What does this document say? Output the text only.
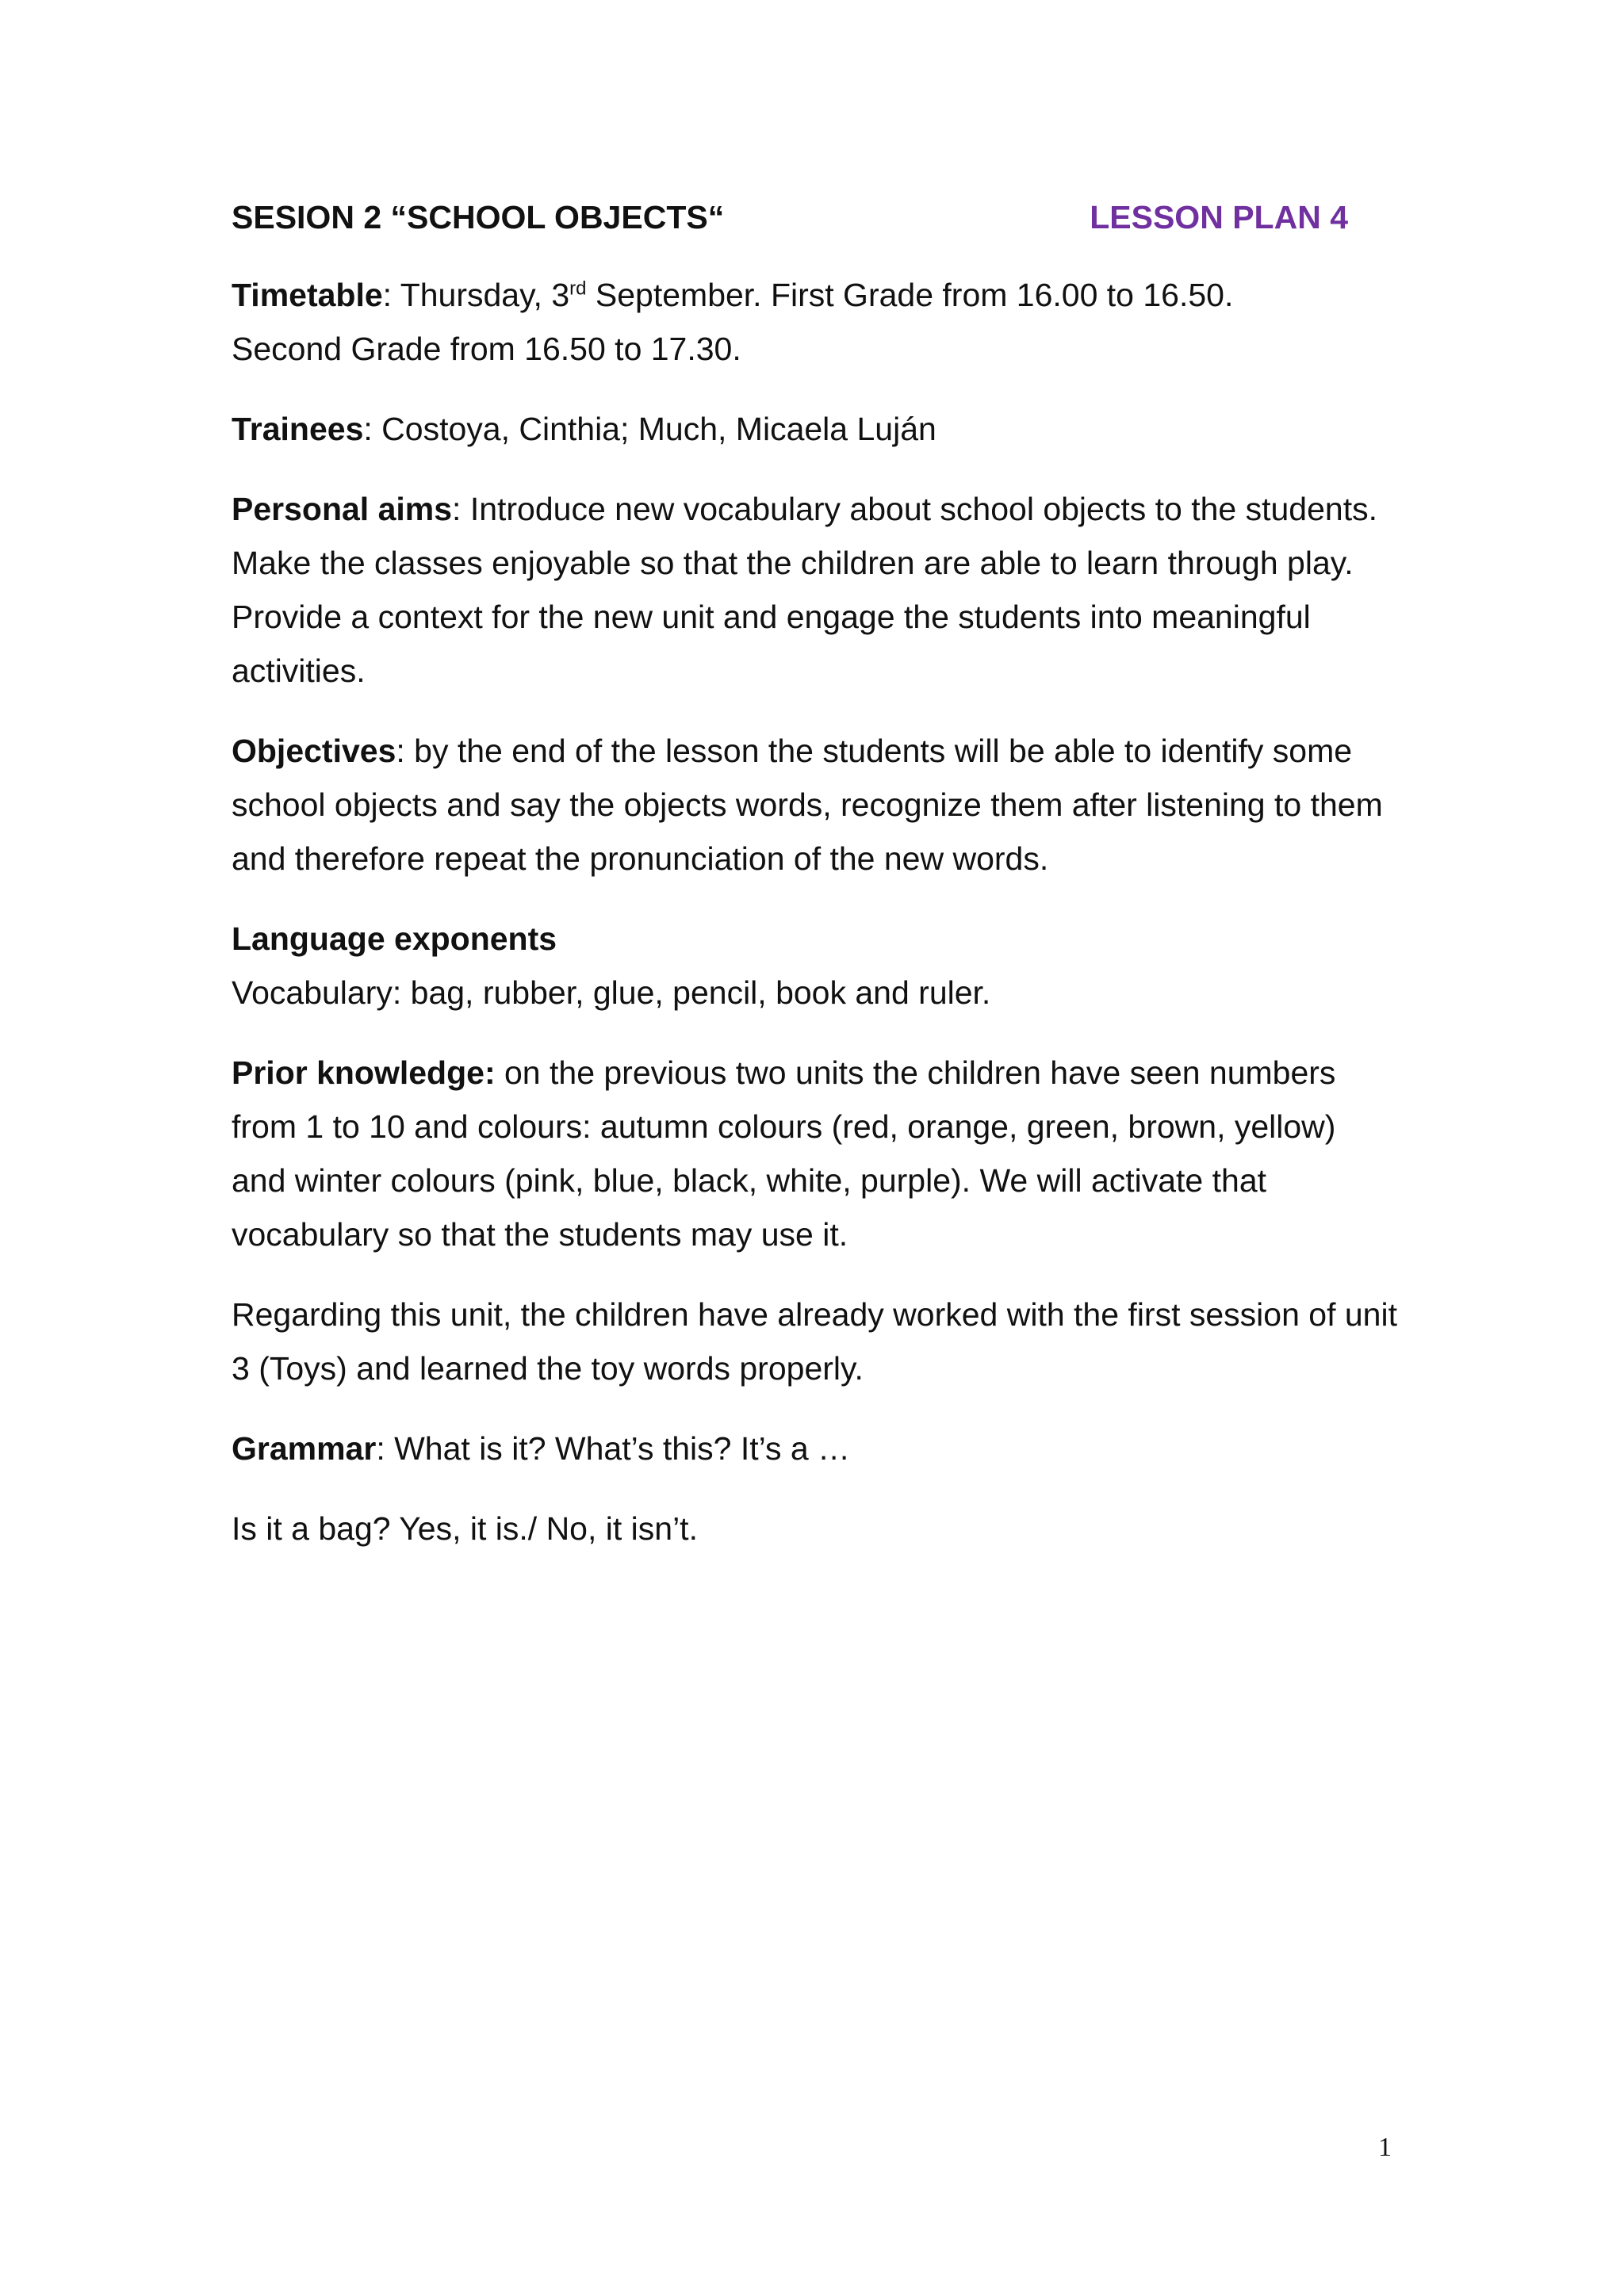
SESION 2 “SCHOOL OBJECTS“	LESSON PLAN 4

Timetable: Thursday, 3rd September. First Grade from 16.00 to 16.50.
Second Grade from 16.50 to 17.30.

Trainees: Costoya, Cinthia; Much, Micaela Luján

Personal aims: Introduce new vocabulary about school objects to the students. Make the classes enjoyable so that the children are able to learn through play. Provide a context for the new unit and engage the students into meaningful activities.

Objectives: by the end of the lesson the students will be able to identify some school objects and say the objects words, recognize them after listening to them and therefore repeat the pronunciation of the new words.

Language exponents
Vocabulary: bag, rubber, glue, pencil, book and ruler.

Prior knowledge: on the previous two units the children have seen numbers from 1 to 10 and colours: autumn colours (red, orange, green, brown, yellow) and winter colours (pink, blue, black, white, purple). We will activate that vocabulary so that the students may use it.

Regarding this unit, the children have already worked with the first session of unit 3 (Toys) and learned the toy words properly.

Grammar: What is it? What’s this? It’s a …

Is it a bag? Yes, it is./ No, it isn’t.

1
